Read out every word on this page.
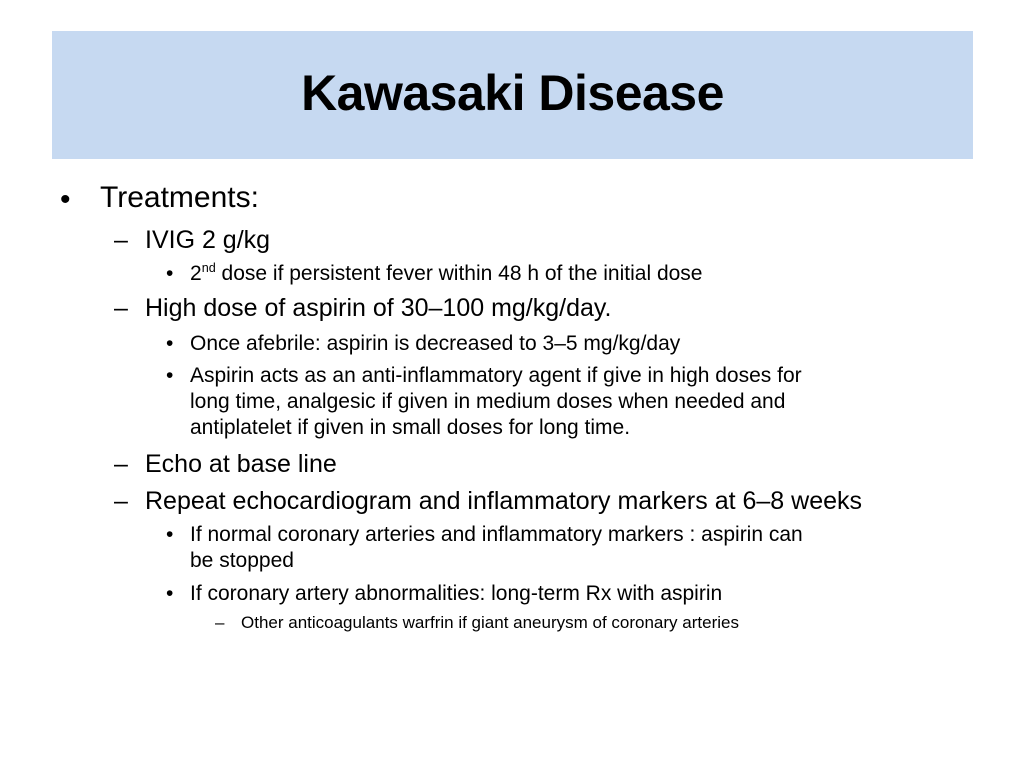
Kawasaki Disease
• Treatments:
– IVIG 2 g/kg
• 2nd dose if persistent fever within 48 h of the initial dose
– High dose of aspirin of 30–100 mg/kg/day.
• Once afebrile: aspirin is decreased to 3–5 mg/kg/day
• Aspirin acts as an anti-inflammatory agent if give in high doses for
long time, analgesic if given in medium doses when needed and
antiplatelet if given in small doses for long time.
– Echo at base line
– Repeat echocardiogram and inflammatory markers at 6–8 weeks
• If normal coronary arteries and inflammatory markers : aspirin can
be stopped
• If coronary artery abnormalities: long-term Rx with aspirin
– Other anticoagulants warfrin if giant aneurysm of coronary arteries
